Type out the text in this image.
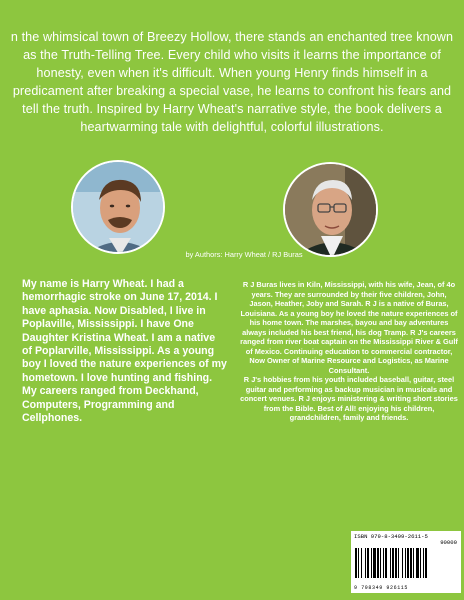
n the whimsical town of Breezy Hollow, there stands an enchanted tree known as the Truth-Telling Tree. Every child who visits it learns the importance of honesty, even when it's difficult. When young Henry finds himself in a predicament after breaking a special vase, he learns to confront his fears and tell the truth. Inspired by Harry Wheat's narrative style, the book delivers a heartwarming tale with delightful, colorful illustrations.
by Authors: Harry Wheat / RJ Buras
My name is Harry Wheat. I had a hemorrhagic stroke on June 17, 2014. I have aphasia. Now Disabled, I live in Poplaville, Mississippi. I have One Daughter Kristina Wheat. I am a native of Poplarville, Mississippi. As a young boy I loved the nature experiences of my hometown. I love hunting and fishing. My careers ranged from Deckhand, Computers, Programming and Cellphones.
R J Buras lives in Kiln, Mississippi, with his wife, Jean, of 4o years. They are surrounded by their five children, John, Jason, Heather, Joby and Sarah. R J is a native of Buras, Louisiana. As a young boy he loved the nature experiences of his home town. The marshes, bayou and bay adventures always included his best friend, his dog Tramp. R J's careers ranged from river boat captain on the Mississippi River & Gulf of Mexico. Continuing education to commercial contractor, Now Owner of Marine Resource and Logistics, as Marine Consultant.
R J's hobbies from his youth included baseball, guitar, steel guitar and performing as backup musician in musicals and concert venues. R J enjoys ministering & writing short stories from the Bible. Best of All! enjoying his children, grandchildren, family and friends.
ISBN 979-8-3499-2611-5
90000
9 798349 926115
